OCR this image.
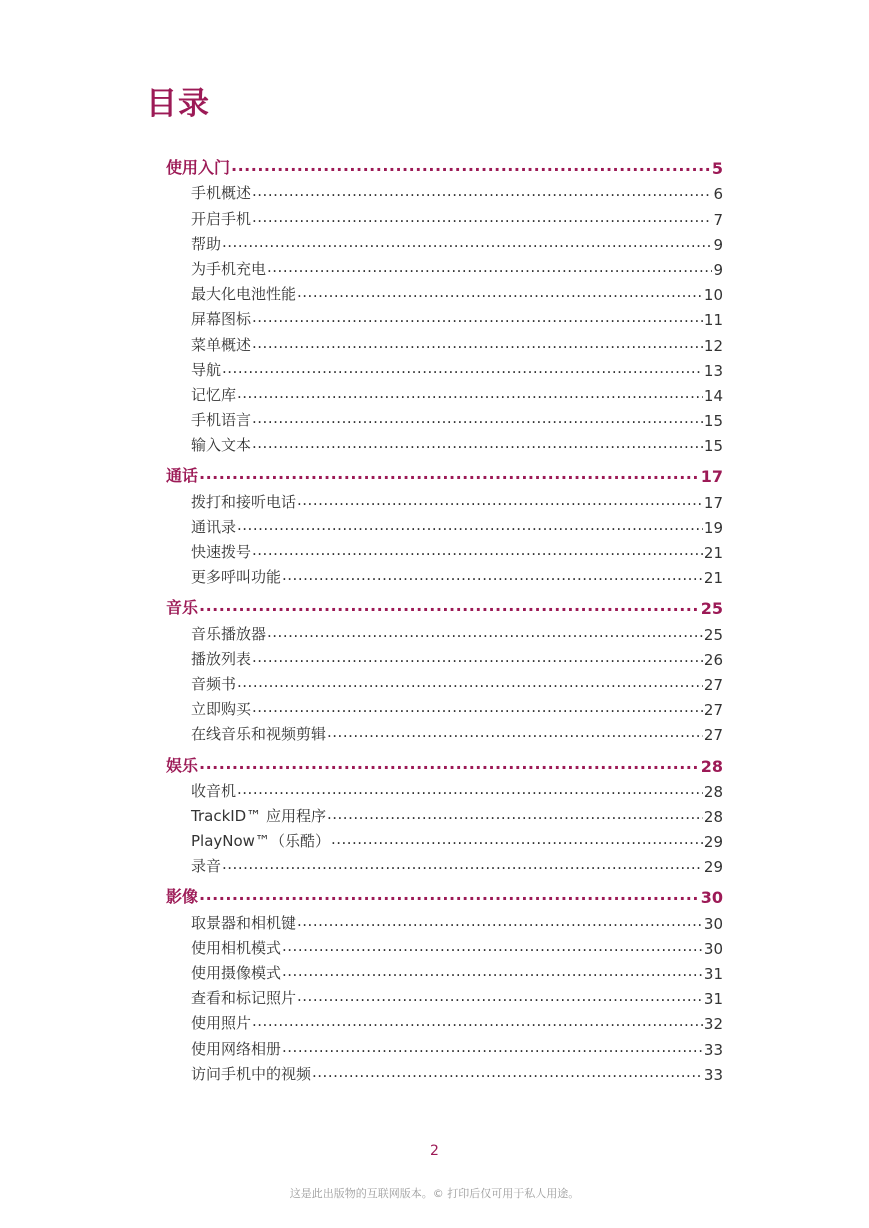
目录
使用入门 .....	5
手机概述 .....	6
开启手机 .....	7
帮助 .....	9
为手机充电 .....	9
最大化电池性能 .....	10
屏幕图标 .....	11
菜单概述 .....	12
导航 .....	13
记忆库 .....	14
手机语言 .....	15
输入文本 .....	15
通话 .....	17
拨打和接听电话 .....	17
通讯录 .....	19
快速拨号 .....	21
更多呼叫功能 .....	21
音乐 .....	25
音乐播放器 .....	25
播放列表 .....	26
音频书 .....	27
立即购买 .....	27
在线音乐和视频剪辑 .....	27
娱乐 .....	28
收音机 .....	28
TrackID™ 应用程序 .....	28
PlayNow™（乐酷） .....	29
录音 .....	29
影像 .....	30
取景器和相机键 .....	30
使用相机模式 .....	30
使用摄像模式 .....	31
查看和标记照片 .....	31
使用照片 .....	32
使用网络相册 .....	33
访问手机中的视频 .....	33
2
这是此出版物的互联网版本。© 打印后仅可用于私人用途。
